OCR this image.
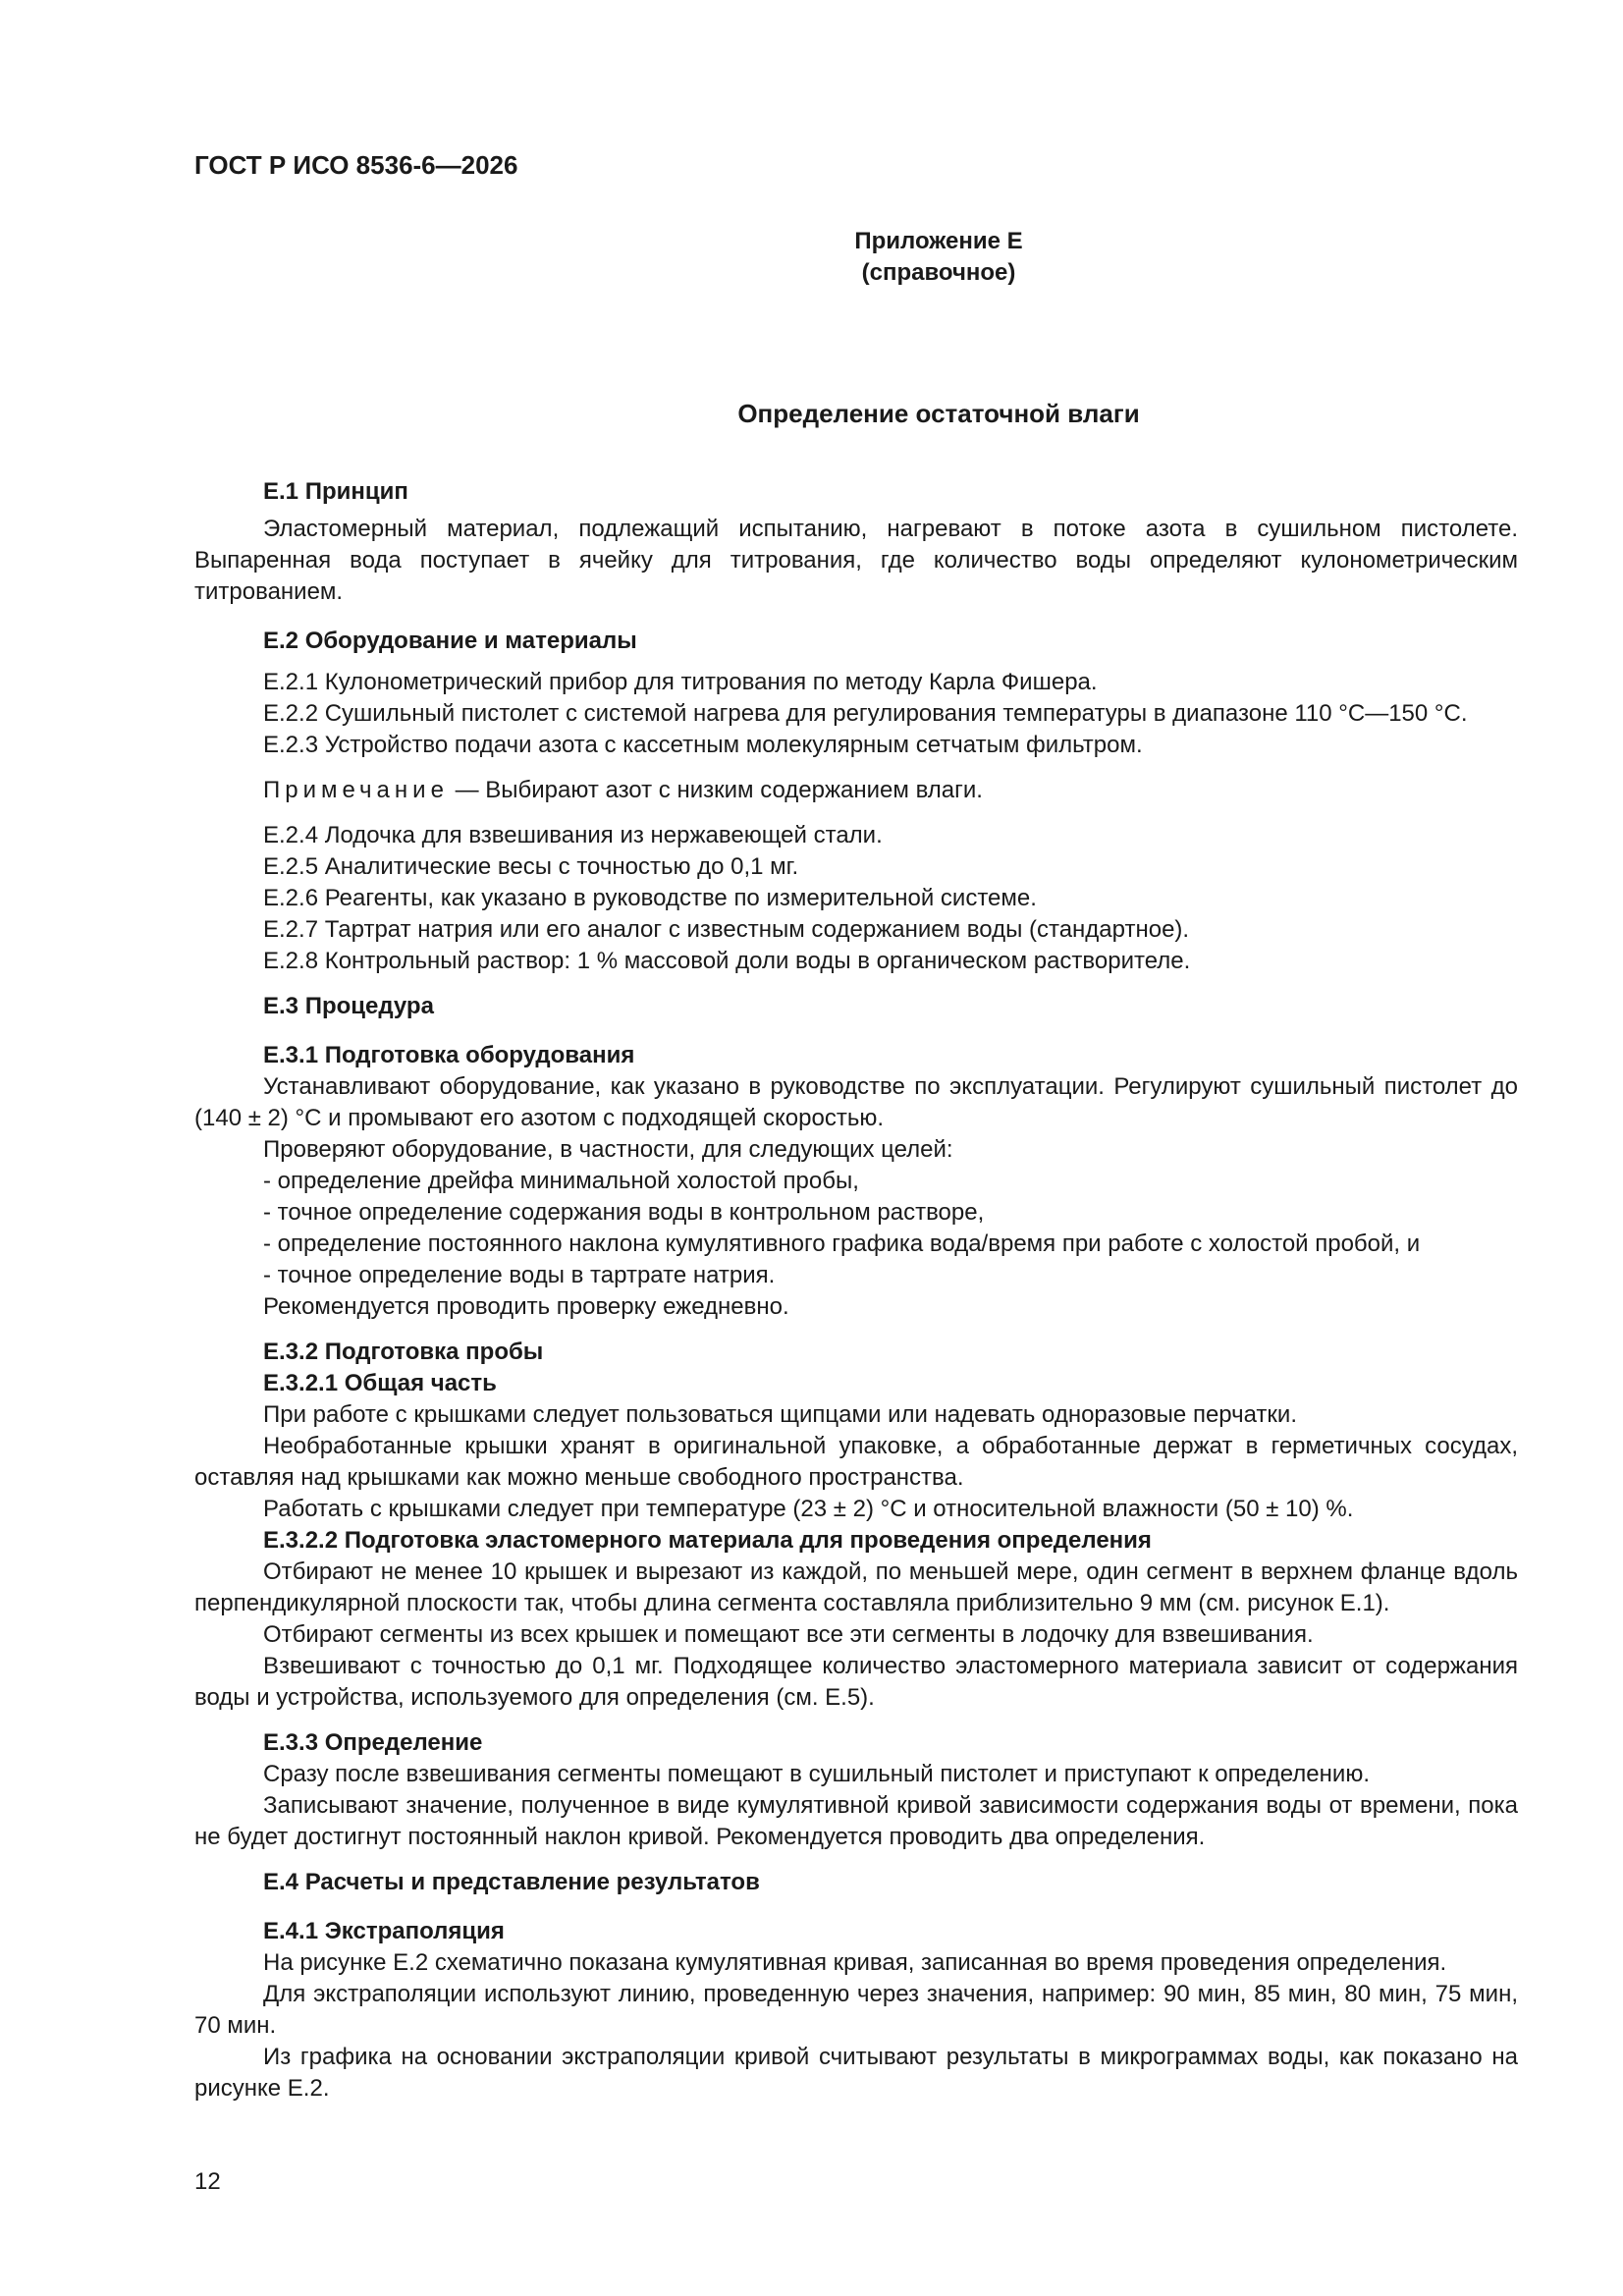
ГОСТ Р ИСО 8536-6—2026
Приложение Е
(справочное)
Определение остаточной влаги
Е.1 Принцип
Эластомерный материал, подлежащий испытанию, нагревают в потоке азота в сушильном пистолете. Выпаренная вода поступает в ячейку для титрования, где количество воды определяют кулонометрическим титрованием.
Е.2 Оборудование и материалы
Е.2.1 Кулонометрический прибор для титрования по методу Карла Фишера.
Е.2.2 Сушильный пистолет с системой нагрева для регулирования температуры в диапазоне 110 °С—150 °С.
Е.2.3 Устройство подачи азота с кассетным молекулярным сетчатым фильтром.
Примечание — Выбирают азот с низким содержанием влаги.
Е.2.4 Лодочка для взвешивания из нержавеющей стали.
Е.2.5 Аналитические весы с точностью до 0,1 мг.
Е.2.6 Реагенты, как указано в руководстве по измерительной системе.
Е.2.7 Тартрат натрия или его аналог с известным содержанием воды (стандартное).
Е.2.8 Контрольный раствор: 1 % массовой доли воды в органическом растворителе.
Е.3 Процедура
Е.3.1 Подготовка оборудования
Устанавливают оборудование, как указано в руководстве по эксплуатации. Регулируют сушильный пистолет до (140 ± 2) °С и промывают его азотом с подходящей скоростью.
Проверяют оборудование, в частности, для следующих целей:
- определение дрейфа минимальной холостой пробы,
- точное определение содержания воды в контрольном растворе,
- определение постоянного наклона кумулятивного графика вода/время при работе с холостой пробой, и
- точное определение воды в тартрате натрия.
Рекомендуется проводить проверку ежедневно.
Е.3.2 Подготовка пробы
Е.3.2.1 Общая часть
При работе с крышками следует пользоваться щипцами или надевать одноразовые перчатки.
Необработанные крышки хранят в оригинальной упаковке, а обработанные держат в герметичных сосудах, оставляя над крышками как можно меньше свободного пространства.
Работать с крышками следует при температуре (23 ± 2) °С и относительной влажности (50 ± 10) %.
Е.3.2.2 Подготовка эластомерного материала для проведения определения
Отбирают не менее 10 крышек и вырезают из каждой, по меньшей мере, один сегмент в верхнем фланце вдоль перпендикулярной плоскости так, чтобы длина сегмента составляла приблизительно 9 мм (см. рисунок Е.1).
Отбирают сегменты из всех крышек и помещают все эти сегменты в лодочку для взвешивания.
Взвешивают с точностью до 0,1 мг. Подходящее количество эластомерного материала зависит от содержания воды и устройства, используемого для определения (см. Е.5).
Е.3.3 Определение
Сразу после взвешивания сегменты помещают в сушильный пистолет и приступают к определению.
Записывают значение, полученное в виде кумулятивной кривой зависимости содержания воды от времени, пока не будет достигнут постоянный наклон кривой. Рекомендуется проводить два определения.
Е.4 Расчеты и представление результатов
Е.4.1 Экстраполяция
На рисунке Е.2 схематично показана кумулятивная кривая, записанная во время проведения определения.
Для экстраполяции используют линию, проведенную через значения, например: 90 мин, 85 мин, 80 мин, 75 мин, 70 мин.
Из графика на основании экстраполяции кривой считывают результаты в микрограммах воды, как показано на рисунке Е.2.
12
